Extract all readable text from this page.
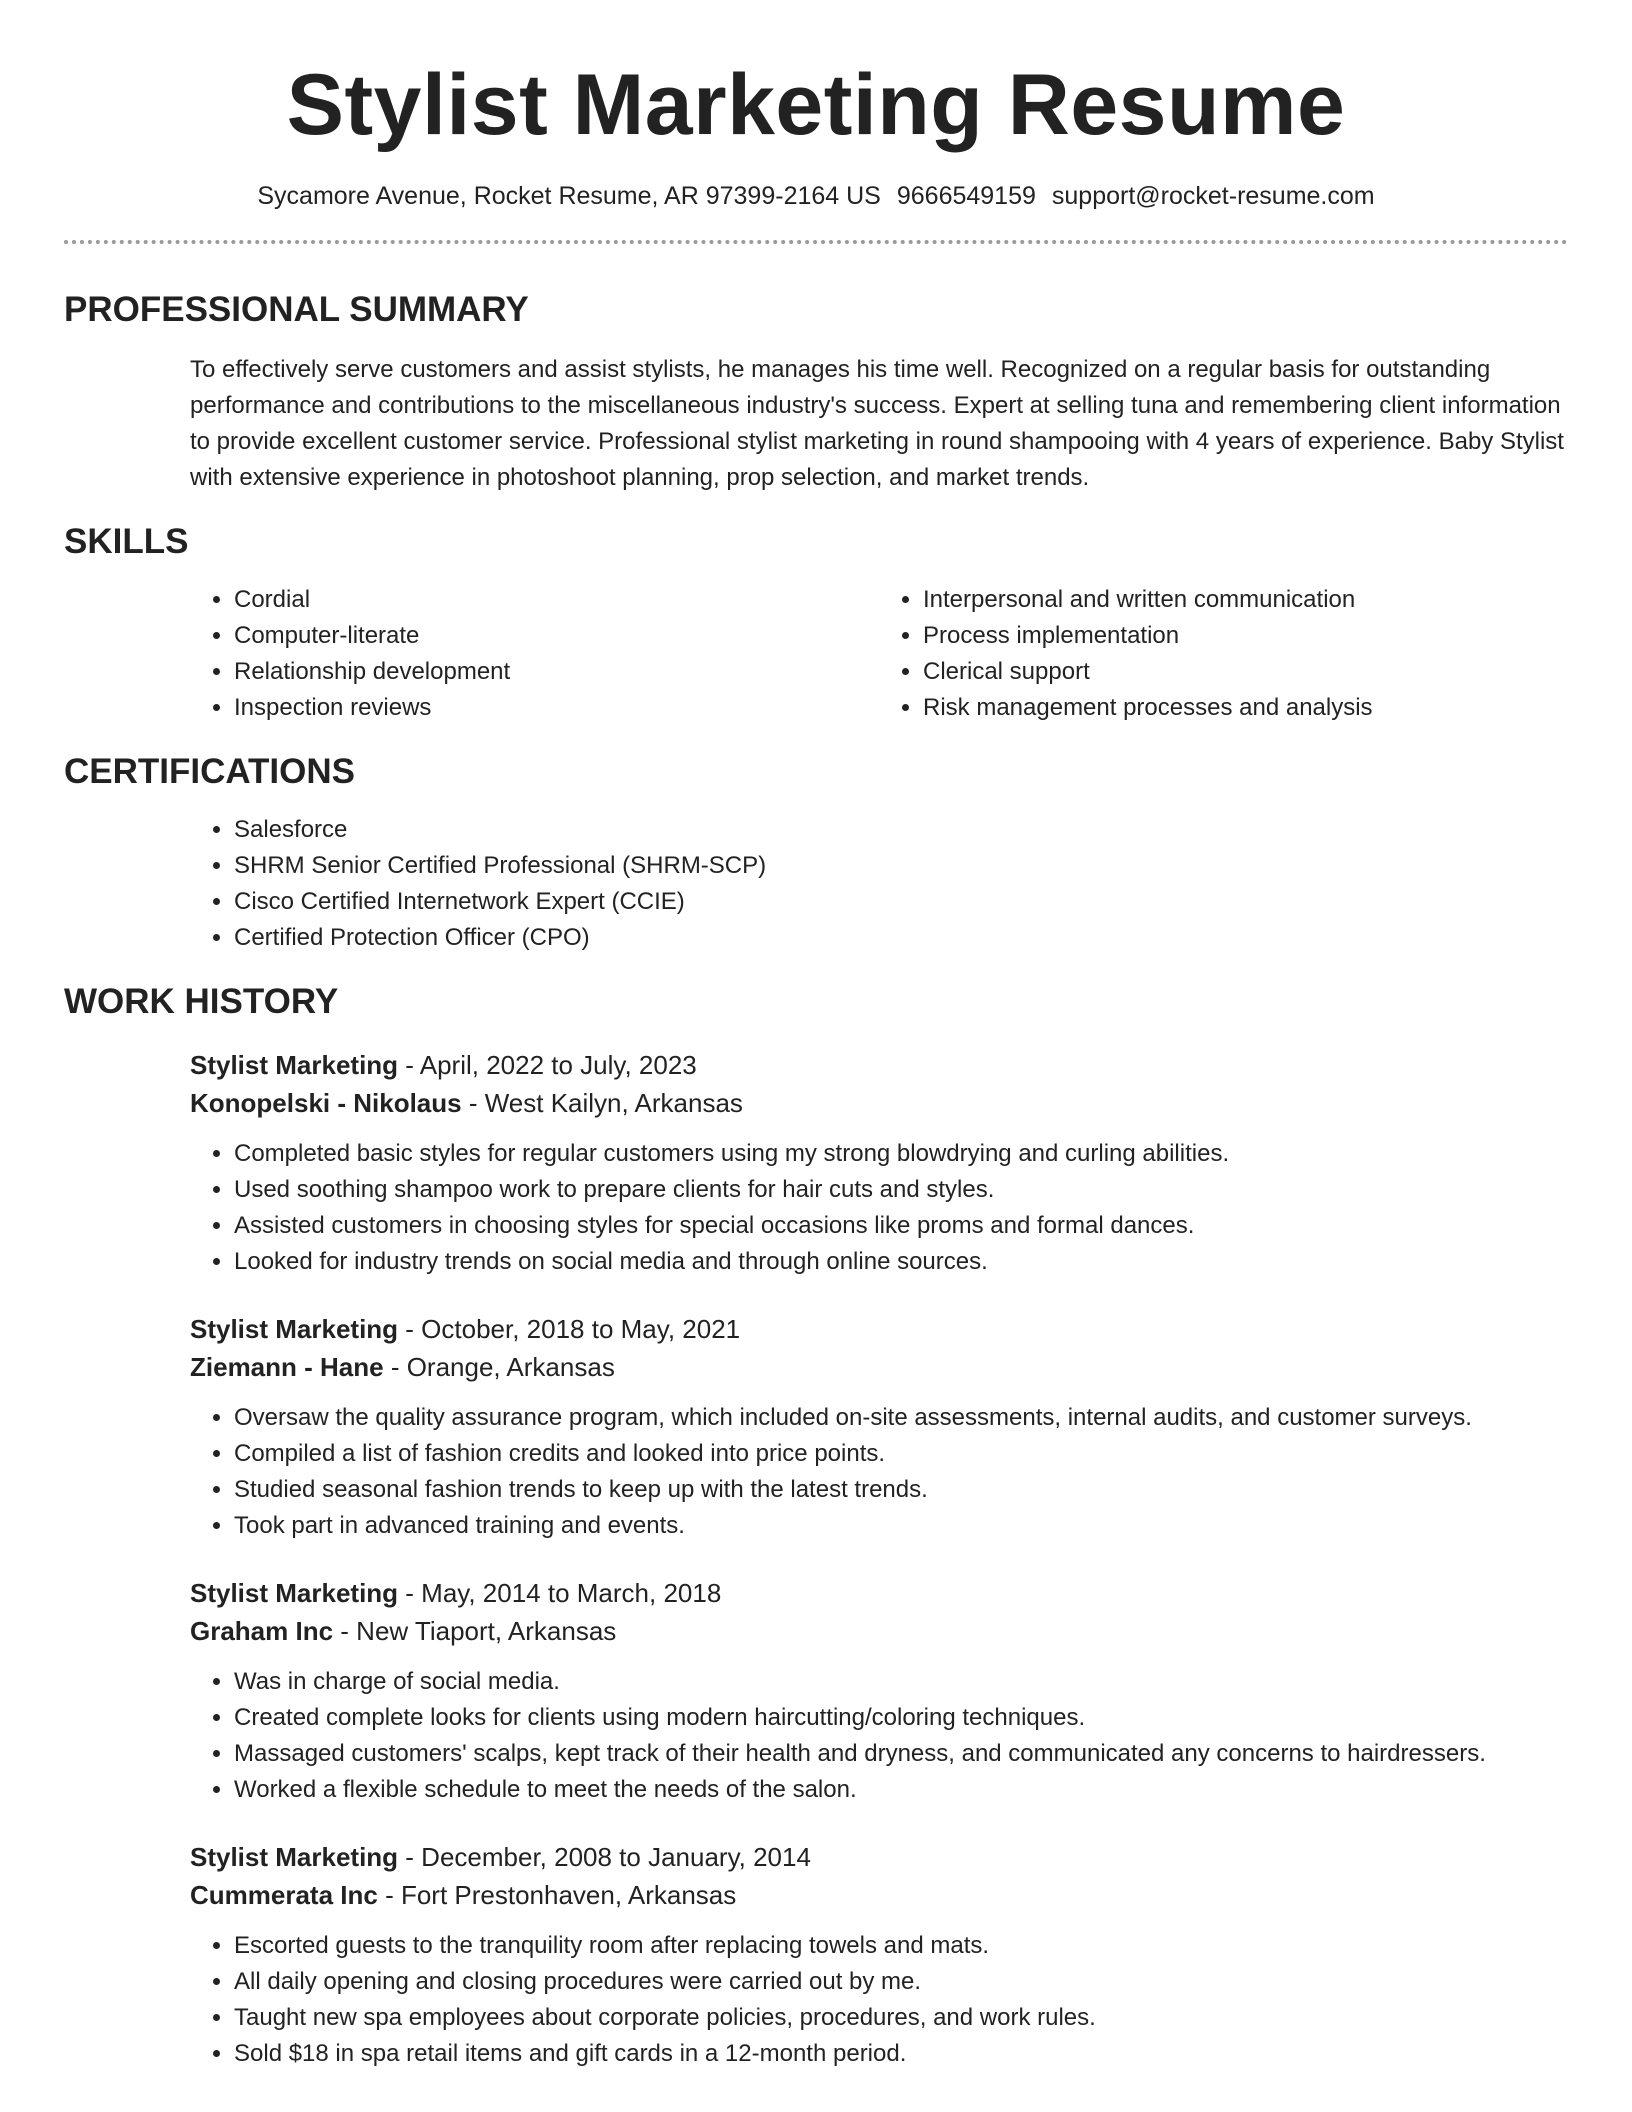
Stylist Marketing Resume
Sycamore Avenue, Rocket Resume, AR 97399-2164 US 9666549159 support@rocket-resume.com
PROFESSIONAL SUMMARY

To effectively serve customers and assist stylists, he manages his time well. Recognized on a regular basis for outstanding performance and contributions to the miscellaneous industry's success. Expert at selling tuna and remembering client information to provide excellent customer service. Professional stylist marketing in round shampooing with 4 years of experience. Baby Stylist with extensive experience in photoshoot planning, prop selection, and market trends.

SKILLS
• Cordial
• Computer-literate
• Relationship development
• Inspection reviews
• Interpersonal and written communication
• Process implementation
• Clerical support
• Risk management processes and analysis
CERTIFICATIONS
• Salesforce
• SHRM Senior Certified Professional (SHRM-SCP)
• Cisco Certified Internetwork Expert (CCIE)
• Certified Protection Officer (CPO)
WORK HISTORY
Stylist Marketing - April, 2022 to July, 2023
Konopelski - Nikolaus - West Kailyn, Arkansas
• Completed basic styles for regular customers using my strong blowdrying and curling abilities.
• Used soothing shampoo work to prepare clients for hair cuts and styles.
• Assisted customers in choosing styles for special occasions like proms and formal dances.
• Looked for industry trends on social media and through online sources.
Stylist Marketing - October, 2018 to May, 2021
Ziemann - Hane - Orange, Arkansas
• Oversaw the quality assurance program, which included on-site assessments, internal audits, and customer surveys.
• Compiled a list of fashion credits and looked into price points.
• Studied seasonal fashion trends to keep up with the latest trends.
• Took part in advanced training and events.
Stylist Marketing - May, 2014 to March, 2018
Graham Inc - New Tiaport, Arkansas
• Was in charge of social media.
• Created complete looks for clients using modern haircutting/coloring techniques.
• Massaged customers' scalps, kept track of their health and dryness, and communicated any concerns to hairdressers.
• Worked a flexible schedule to meet the needs of the salon.
Stylist Marketing - December, 2008 to January, 2014
Cummerata Inc - Fort Prestonhaven, Arkansas
• Escorted guests to the tranquility room after replacing towels and mats.
• All daily opening and closing procedures were carried out by me.
• Taught new spa employees about corporate policies, procedures, and work rules.
• Sold $18 in spa retail items and gift cards in a 12-month period.
